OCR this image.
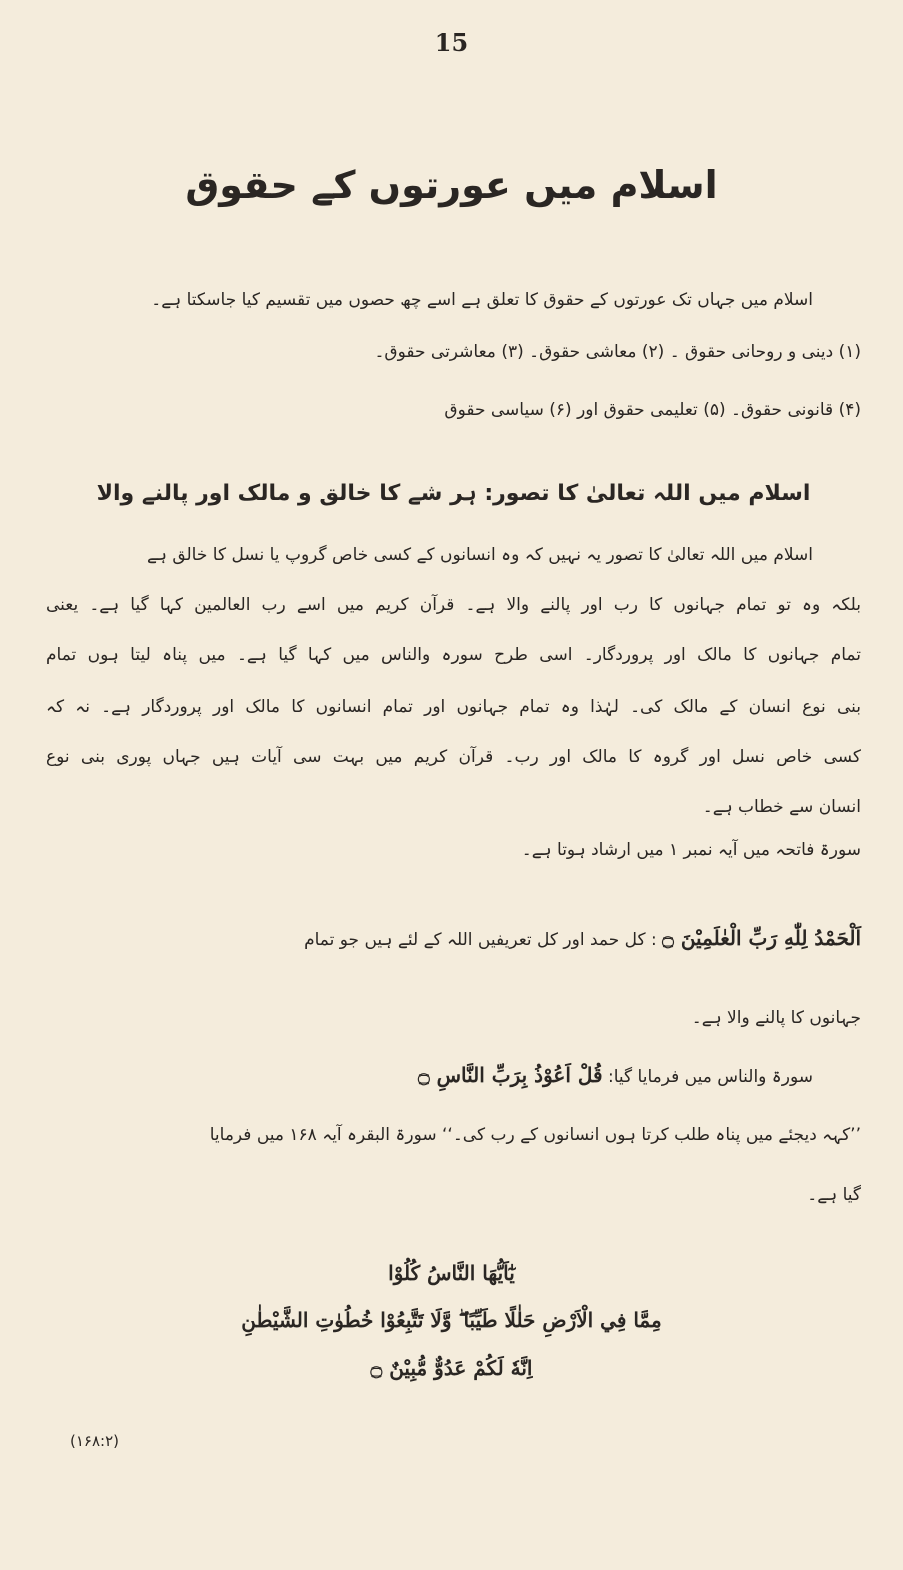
15
اسلام میں عورتوں کے حقوق
اسلام میں جہاں تک عورتوں کے حقوق کا تعلق ہے اسے چھ حصوں میں تقسیم کیا جاسکتا ہے۔
(۱) دینی و روحانی حقوق ۔ (۲) معاشی حقوق۔ (۳) معاشرتی حقوق۔
(۴) قانونی حقوق۔ (۵) تعلیمی حقوق اور (۶) سیاسی حقوق
اسلام میں اللہ تعالیٰ کا تصور: ہر شے کا خالق و مالک اور پالنے والا
اسلام میں اللہ تعالیٰ کا تصور یہ نہیں کہ وہ انسانوں کے کسی خاص گروپ یا نسل کا خالق ہے
بلکہ وہ تو تمام جہانوں کا رب اور پالنے والا ہے۔ قرآن کریم میں اسے رب العالمین کہا گیا ہے۔ یعنی
تمام جہانوں کا مالک اور پروردگار۔ اسی طرح سورہ والناس میں کہا گیا ہے۔ میں پناہ لیتا ہوں تمام
بنی نوع انسان کے مالک کی۔ لہٰذا وہ تمام جہانوں اور تمام انسانوں کا مالک اور پروردگار ہے۔ نہ کہ
کسی خاص نسل اور گروہ کا مالک اور رب۔ قرآن کریم میں بہت سی آیات ہیں جہاں پوری بنی نوع
انسان سے خطاب ہے۔
سورۃ فاتحہ میں آیہ نمبر ۱ میں ارشاد ہوتا ہے۔
اَلْحَمْدُ لِلّٰهِ رَبِّ الْعٰلَمِيْنَ ۝ : کل حمد اور کل تعریفیں اللہ کے لئے ہیں جو تمام
جہانوں کا پالنے والا ہے۔
سورۃ والناس میں فرمایا گیا: قُلْ اَعُوْذُ بِرَبِّ النَّاسِ ۝
’’کہہ دیجئے میں پناہ طلب کرتا ہوں انسانوں کے رب کی۔‘‘ سورۃ البقرہ آیہ ۱۶۸ میں فرمایا
گیا ہے۔
يٰٓاَيُّهَا النَّاسُ كُلُوْا
مِمَّا فِي الْاَرْضِ حَلٰلًا طَيِّبًا ۖ وَّلَا تَتَّبِعُوْا خُطُوٰتِ الشَّيْطٰنِ
اِنَّهٗ لَكُمْ عَدُوٌّ مُّبِيْنٌ ۝
(۱۶۸:۲)
